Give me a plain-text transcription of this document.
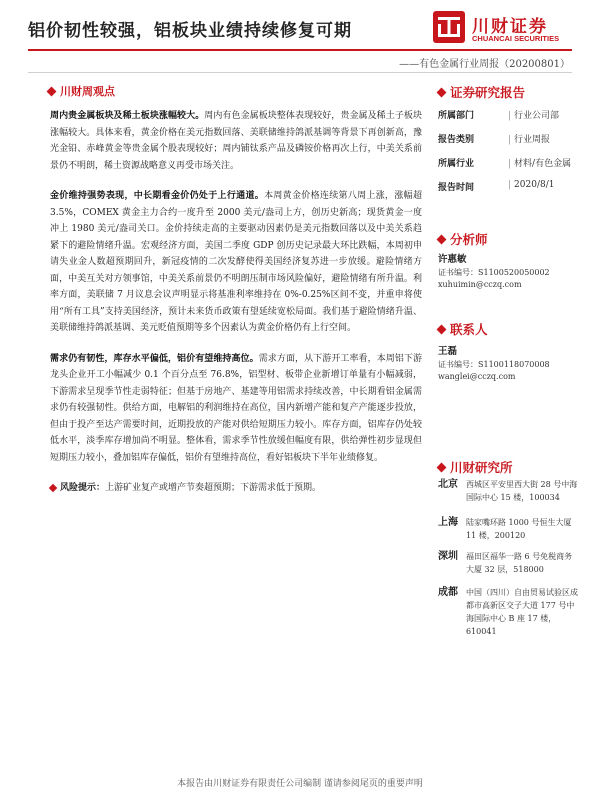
铝价韧性较强，铝板块业绩持续修复可期	川财证券
CHUANCAI SECURITIES
——有色金属行业周报（20200801）
川财周观点

周内贵金属板块及稀土板块涨幅较大。周内有色金属板块整体表现较好，贵金属及稀土子板块涨幅较大。具体来看，黄金价格在美元指数回落、美联储维持鸽派基调等背景下再创新高，豫光金铅、赤峰黄金等贵金属个股表现较好；周内铺钛系产品及磷铵价格再次上行，中美关系前景仍不明朗，稀土资源战略意义再受市场关注。

金价维持强势表现，中长期看金价仍处于上行通道。本周黄金价格连续第八周上涨，涨幅超 3.5%，COMEX 黄金主力合约一度升至 2000 美元/盎司上方，创历史新高；现货黄金一度冲上 1980 美元/盎司关口。金价持续走高的主要驱动因素仍是美元指数回落以及中美关系趋紧下的避险情绪升温。宏观经济方面，美国二季度 GDP 创历史记录最大环比跌幅，本周初申请失业金人数超预期回升，新冠疫情的二次发酵使得美国经济复苏进一步放缓。避险情绪方面，中美互关对方领事馆，中美关系前景仍不明朗压制市场风险偏好，避险情绪有所升温。利率方面，美联储 7 月议息会议声明显示将基准利率维持在 0%-0.25%区间不变，并重申将使用“所有工具”支持美国经济，预计未来货币政策有望延续宽松局面。我们基于避险情绪升温、美联储维持鸽派基调、美元贬值预期等多个因素认为黄金价格仍有上行空间。

需求仍有韧性，库存水平偏低，铝价有望维持高位。需求方面，从下游开工率看，本周铝下游龙头企业开工小幅减少 0.1 个百分点至 76.8%，铝型材、板带企业新增订单量有小幅减弱，下游需求呈现季节性走弱特征；但基于房地产、基建等用铝需求持续改善，中长期看铝金属需求仍有较强韧性。供给方面，电解铝的利润维持在高位，国内新增产能和复产产能逐步投放，但由于投产至达产需要时间，近期投放的产能对供给短期压力较小。库存方面，铝库存仍处较低水平，淡季库存增加尚不明显。整体看，需求季节性放缓但幅度有限，供给弹性初步显现但短期压力较小，叠加铝库存偏低，铝价有望维持高位，看好铝板块下半年业绩修复。

风险提示：上游矿业复产或增产节奏超预期；下游需求低于预期。
证券研究报告
所属部门	| 行业公司部
报告类别	| 行业周报
所属行业	| 材料/有色金属
报告时间	| 2020/8/1
分析师
许惠敏
证书编号：S1100520050002
xuhuimin@cczq.com
联系人
王磊
证书编号：S1100118070008
wanglei@cczq.com
川财研究所
北京	西城区平安里西大街 28 号中海国际中心 15 楼，100034
上海	陆家嘴环路 1000 号恒生大厦 11 楼，200120
深圳	福田区福华一路 6 号免税商务大厦 32 层，518000
成都	中国（四川）自由贸易试验区成都市高新区交子大道 177 号中海国际中心 B 座 17 楼，610041
本报告由川财证券有限责任公司编制 谨请参阅尾页的重要声明
